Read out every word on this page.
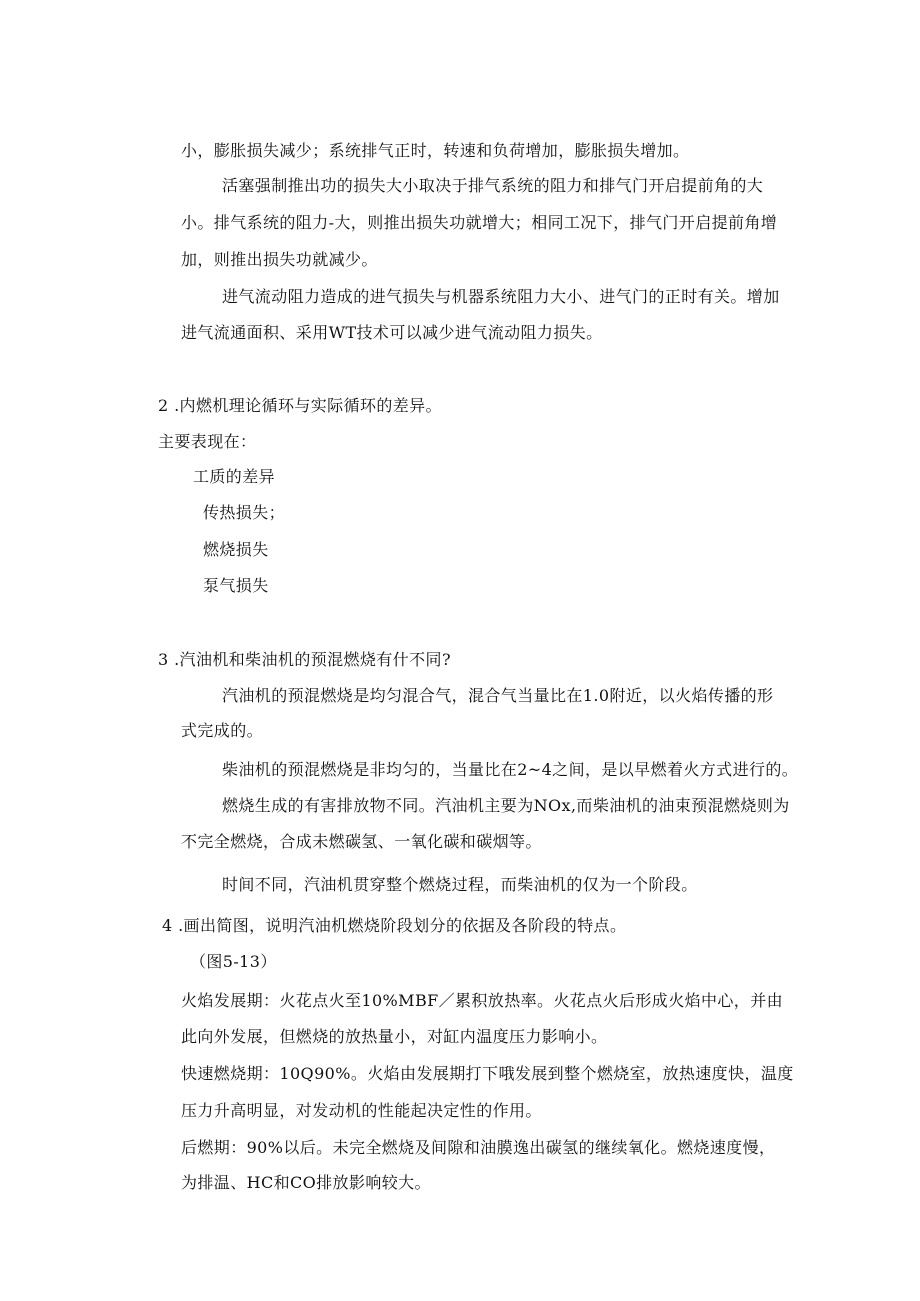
小，膨胀损失减少；系统排气正时，转速和负荷增加，膨胀损失增加。
活塞强制推出功的损失大小取决于排气系统的阻力和排气门开启提前角的大
小。排气系统的阻力-大，则推出损失功就增大；相同工况下，排气门开启提前角增
加，则推出损失功就减少。
进气流动阻力造成的进气损失与机器系统阻力大小、进气门的正时有关。增加
进气流通面积、采用WT技术可以减少进气流动阻力损失。
2 .内燃机理论循环与实际循环的差异。
主要表现在：
工质的差异
传热损失；
燃烧损失
泵气损失
3 .汽油机和柴油机的预混燃烧有什不同?
汽油机的预混燃烧是均匀混合气，混合气当量比在1.0附近，以火焰传播的形
式完成的。
柴油机的预混燃烧是非均匀的，当量比在2~4之间，是以早燃着火方式进行的。
燃烧生成的有害排放物不同。汽油机主要为NOx,而柴油机的油束预混燃烧则为
不完全燃烧，合成未燃碳氢、一氧化碳和碳烟等。
时间不同，汽油机贯穿整个燃烧过程，而柴油机的仅为一个阶段。
4 .画出简图，说明汽油机燃烧阶段划分的依据及各阶段的特点。
（图5-13）
火焰发展期：火花点火至10%MBF／累积放热率。火花点火后形成火焰中心，并由
此向外发展，但燃烧的放热量小，对缸内温度压力影响小。
快速燃烧期：10Q90%。火焰由发展期打下哦发展到整个燃烧室，放热速度快，温度
压力升高明显，对发动机的性能起决定性的作用。
后燃期：90%以后。未完全燃烧及间隙和油膜逸出碳氢的继续氧化。燃烧速度慢，
为排温、HC和CO排放影响较大。
